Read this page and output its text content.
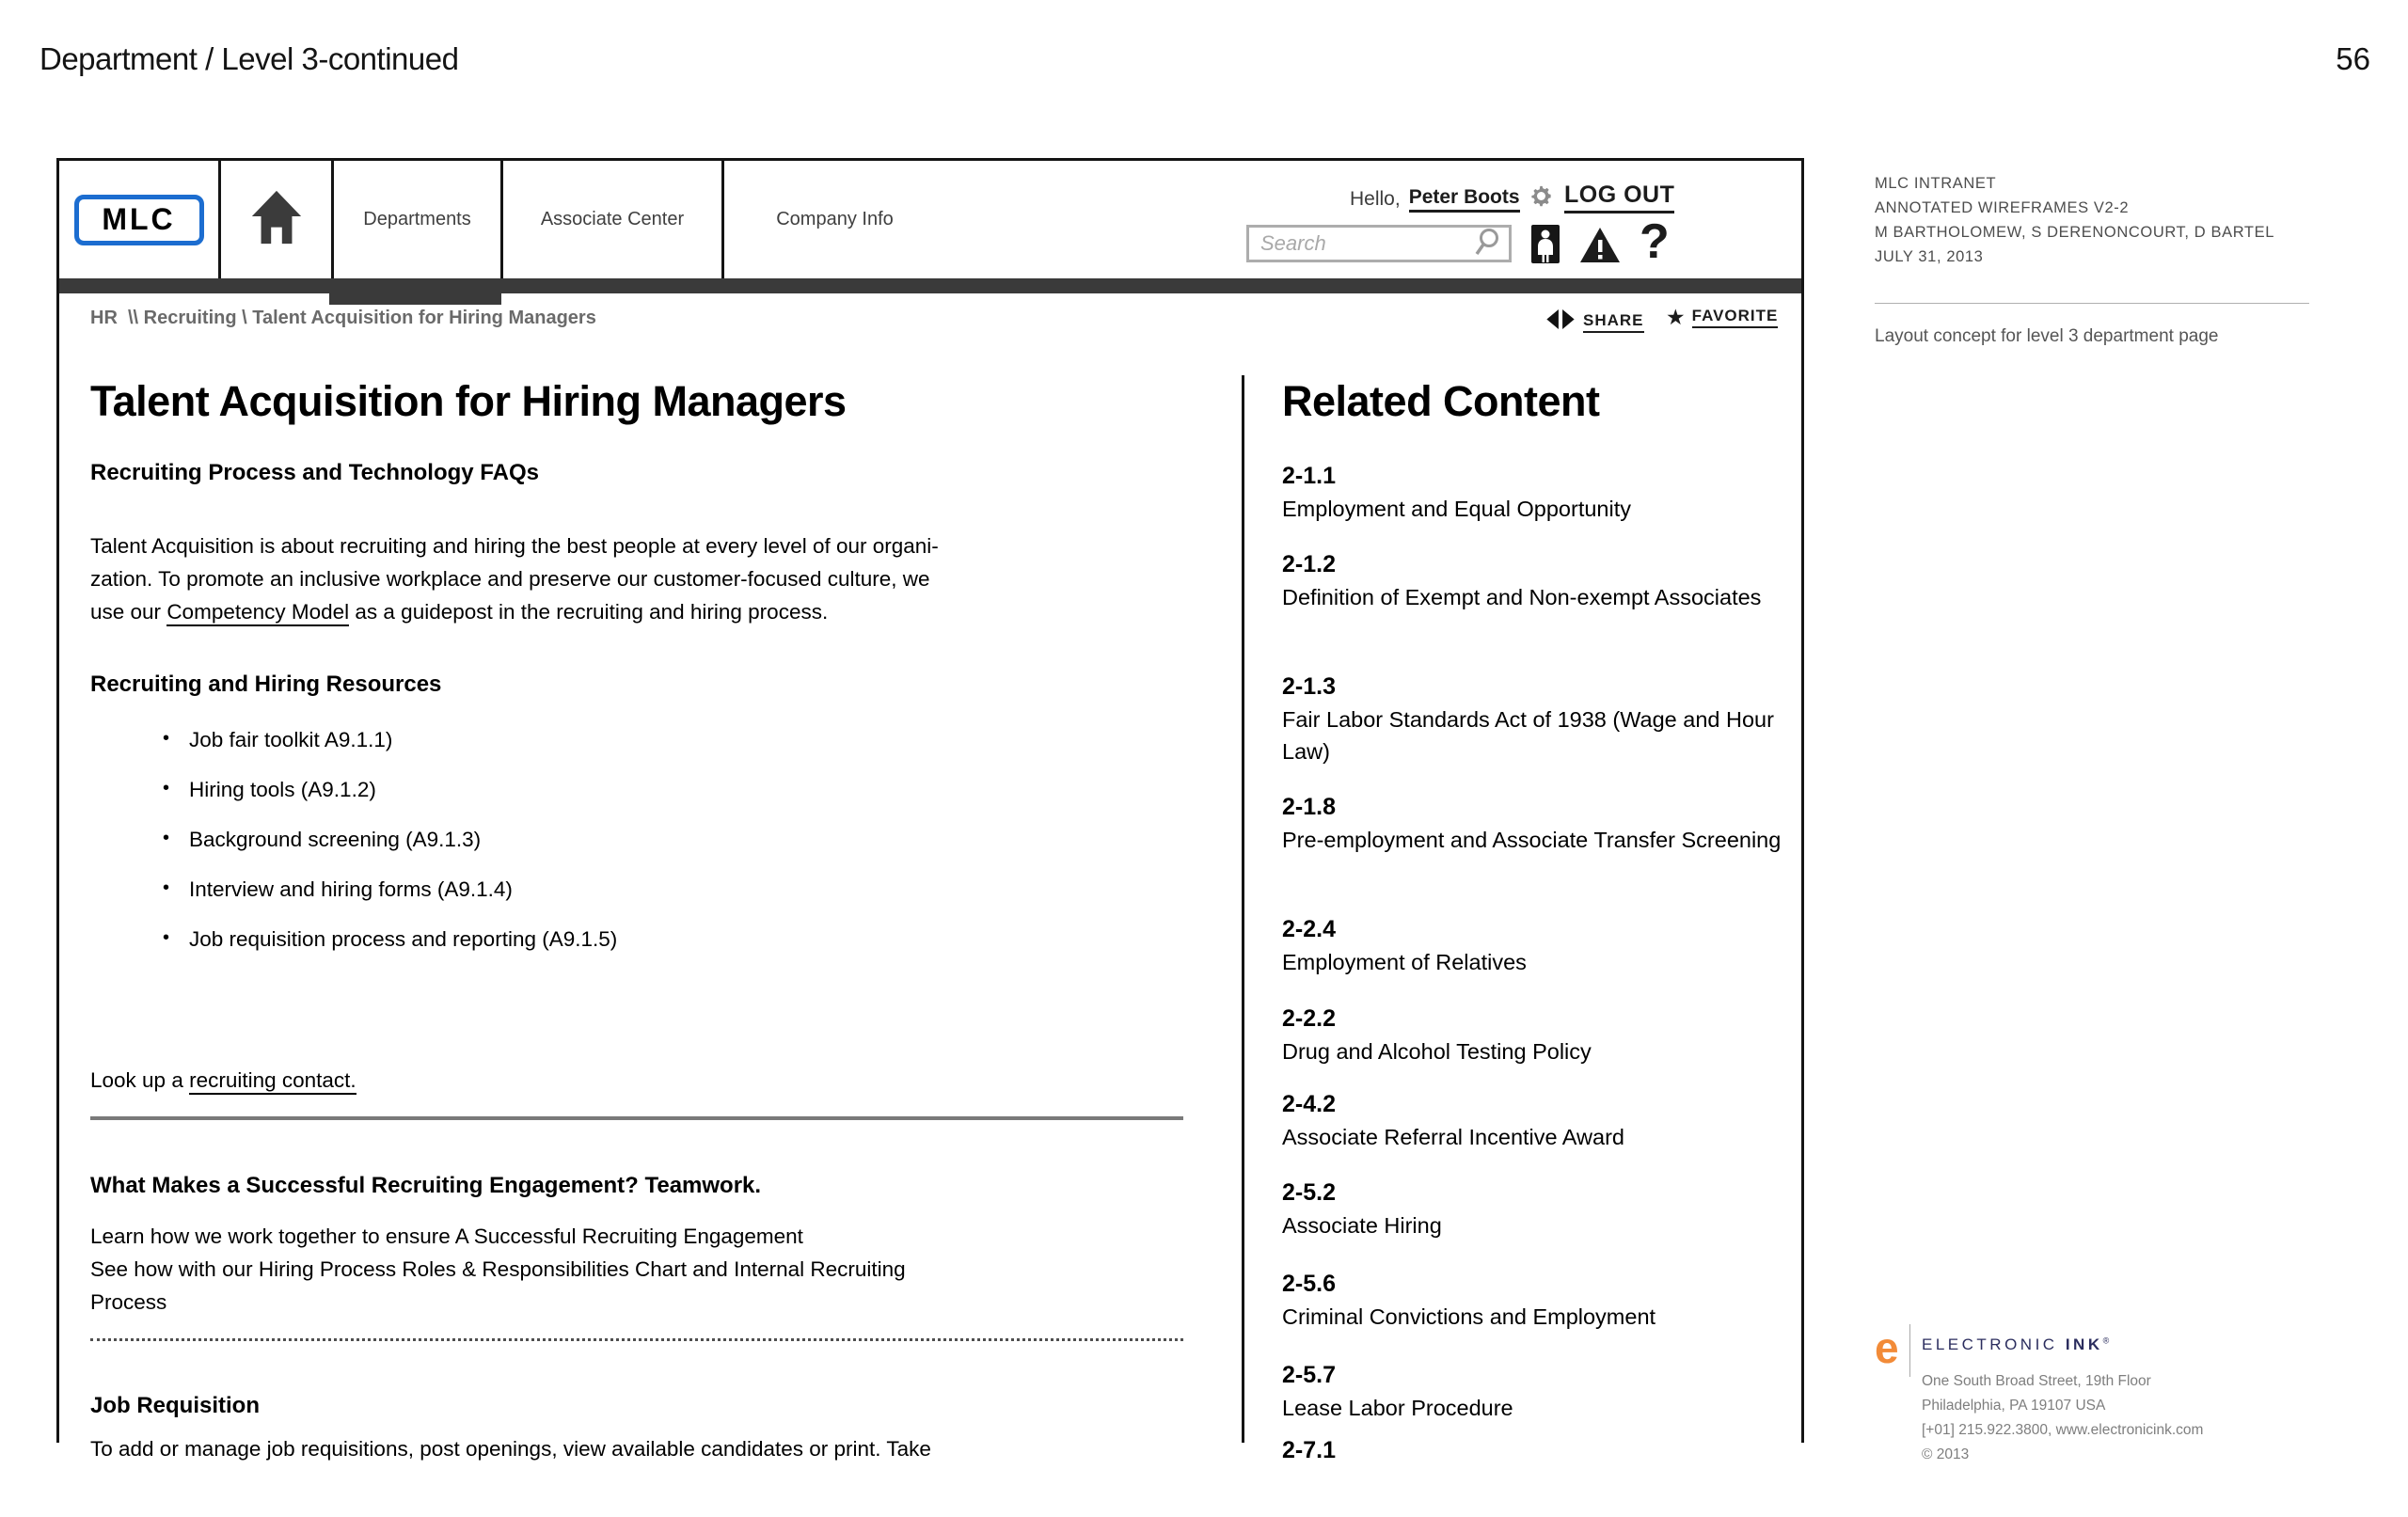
Department / Level 3-continued	56
MLC	Departments	Associate Center	Company Info
Hello, Peter Boots LOG OUT
Search
?
HR  \\ Recruiting \ Talent Acquisition for Hiring Managers	SHARE ★ FAVORITE
Talent Acquisition for Hiring Managers
Recruiting Process and Technology FAQs
Talent Acquisition is about recruiting and hiring the best people at every level of our organi-
zation. To promote an inclusive workplace and preserve our customer-focused culture, we
use our Competency Model as a guidepost in the recruiting and hiring process.
Recruiting and Hiring Resources
• Job fair toolkit A9.1.1)
• Hiring tools (A9.1.2)
• Background screening (A9.1.3)
• Interview and hiring forms (A9.1.4)
• Job requisition process and reporting (A9.1.5)
Look up a recruiting contact.
What Makes a Successful Recruiting Engagement? Teamwork.
Learn how we work together to ensure A Successful Recruiting Engagement
See how with our Hiring Process Roles & Responsibilities Chart and Internal Recruiting
Process
Job Requisition
To add or manage job requisitions, post openings, view available candidates or print. Take
Related Content
2-1.1
Employment and Equal Opportunity
2-1.2
Definition of Exempt and Non-exempt Associates
2-1.3
Fair Labor Standards Act of 1938 (Wage and Hour Law)
2-1.8
Pre-employment and Associate Transfer Screening
2-2.4
Employment of Relatives
2-2.2
Drug and Alcohol Testing Policy
2-4.2
Associate Referral Incentive Award
2-5.2
Associate Hiring
2-5.6
Criminal Convictions and Employment
2-5.7
Lease Labor Procedure
2-7.1
MLC INTRANET
ANNOTATED WIREFRAMES V2-2
M BARTHOLOMEW, S DERENONCOURT, D BARTEL
JULY 31, 2013
Layout concept for level 3 department page
e ELECTRONIC INK®
One South Broad Street, 19th Floor
Philadelphia, PA 19107 USA
[+01] 215.922.3800, www.electronicink.com
© 2013
